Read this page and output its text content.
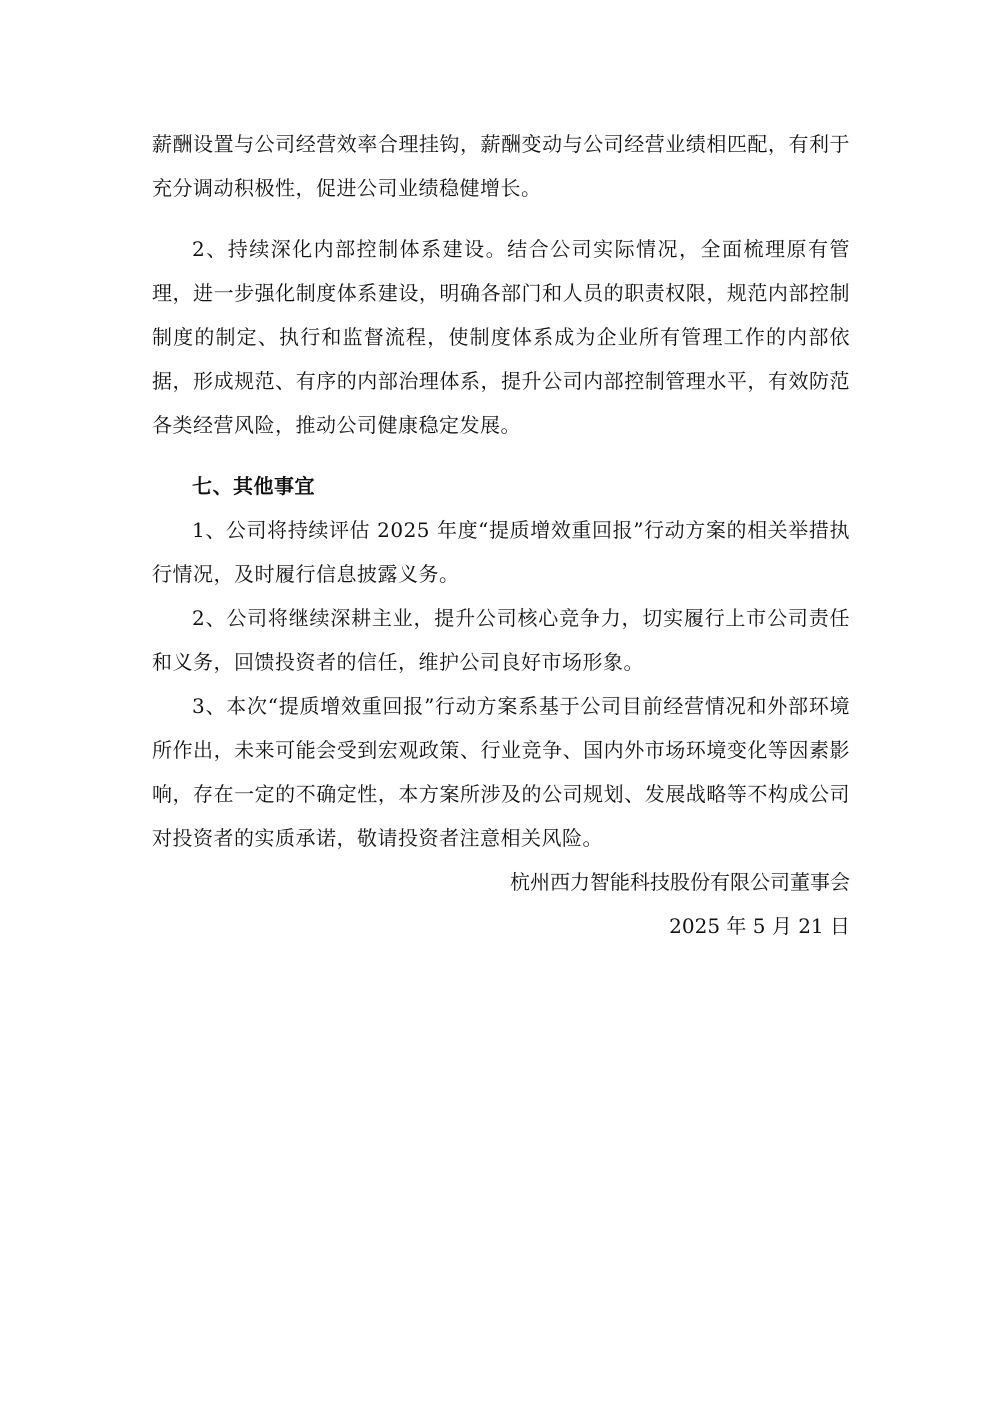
薪酬设置与公司经营效率合理挂钩，薪酬变动与公司经营业绩相匹配，有利于充分调动积极性，促进公司业绩稳健增长。

2、持续深化内部控制体系建设。结合公司实际情况，全面梳理原有管理，进一步强化制度体系建设，明确各部门和人员的职责权限，规范内部控制制度的制定、执行和监督流程，使制度体系成为企业所有管理工作的内部依据，形成规范、有序的内部治理体系，提升公司内部控制管理水平，有效防范各类经营风险，推动公司健康稳定发展。

七、其他事宜

1、公司将持续评估 2025 年度“提质增效重回报”行动方案的相关举措执行情况，及时履行信息披露义务。

2、公司将继续深耕主业，提升公司核心竞争力，切实履行上市公司责任和义务，回馈投资者的信任，维护公司良好市场形象。

3、本次“提质增效重回报”行动方案系基于公司目前经营情况和外部环境所作出，未来可能会受到宏观政策、行业竞争、国内外市场环境变化等因素影响，存在一定的不确定性，本方案所涉及的公司规划、发展战略等不构成公司对投资者的实质承诺，敬请投资者注意相关风险。

杭州西力智能科技股份有限公司董事会
2025 年 5 月 21 日
